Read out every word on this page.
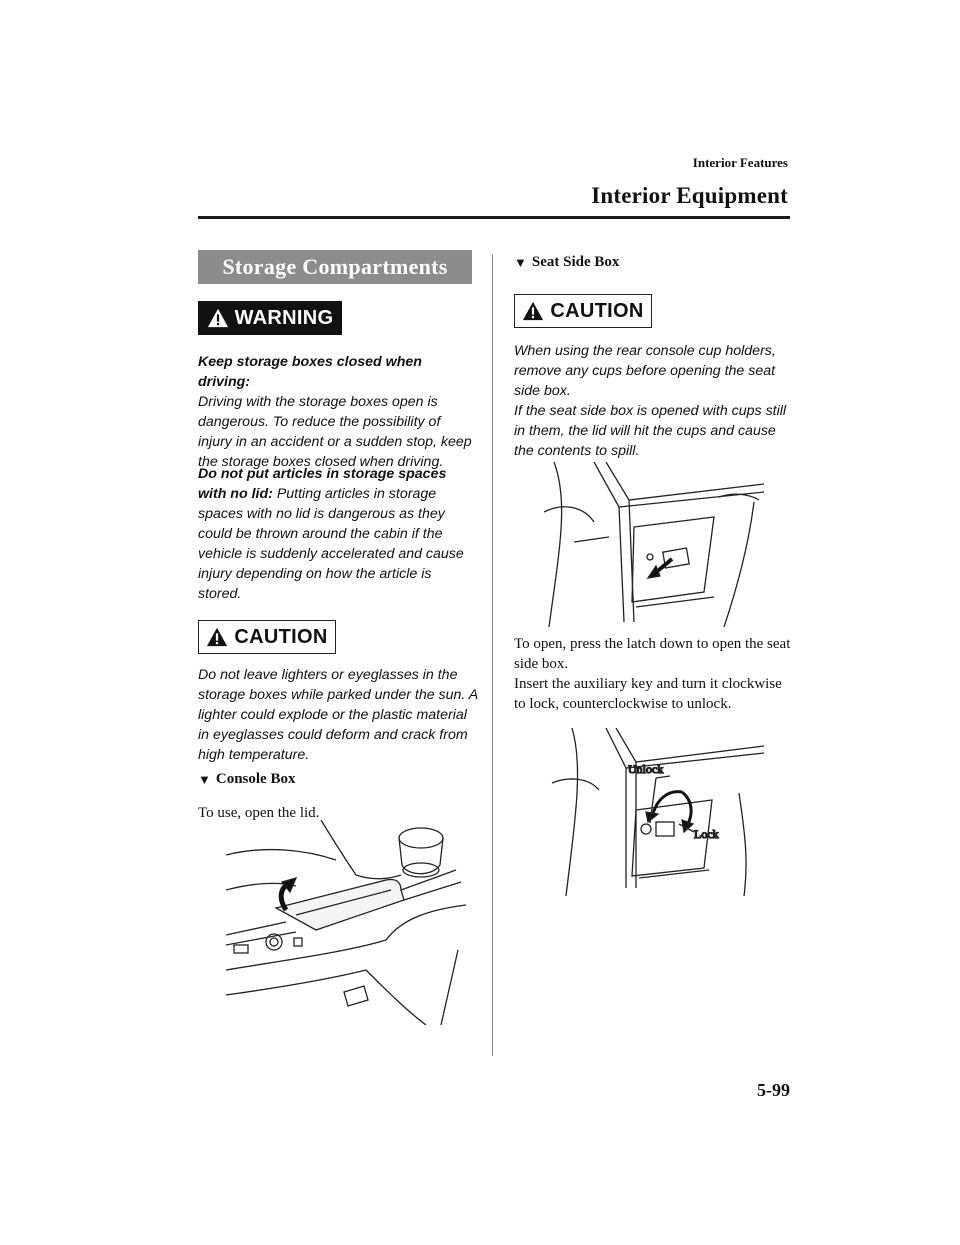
Interior Features
Interior Equipment
Storage Compartments
WARNING
Keep storage boxes closed when driving:
Driving with the storage boxes open is dangerous. To reduce the possibility of injury in an accident or a sudden stop, keep the storage boxes closed when driving.
Do not put articles in storage spaces with no lid: Putting articles in storage spaces with no lid is dangerous as they could be thrown around the cabin if the vehicle is suddenly accelerated and cause injury depending on how the article is stored.
CAUTION
Do not leave lighters or eyeglasses in the storage boxes while parked under the sun. A lighter could explode or the plastic material in eyeglasses could deform and crack from high temperature.
▼ Console Box
To use, open the lid.
▼ Seat Side Box
CAUTION
When using the rear console cup holders, remove any cups before opening the seat side box.
If the seat side box is opened with cups still in them, the lid will hit the cups and cause the contents to spill.
To open, press the latch down to open the seat side box.
Insert the auxiliary key and turn it clockwise to lock, counterclockwise to unlock.
Unlock
Lock
5-99
